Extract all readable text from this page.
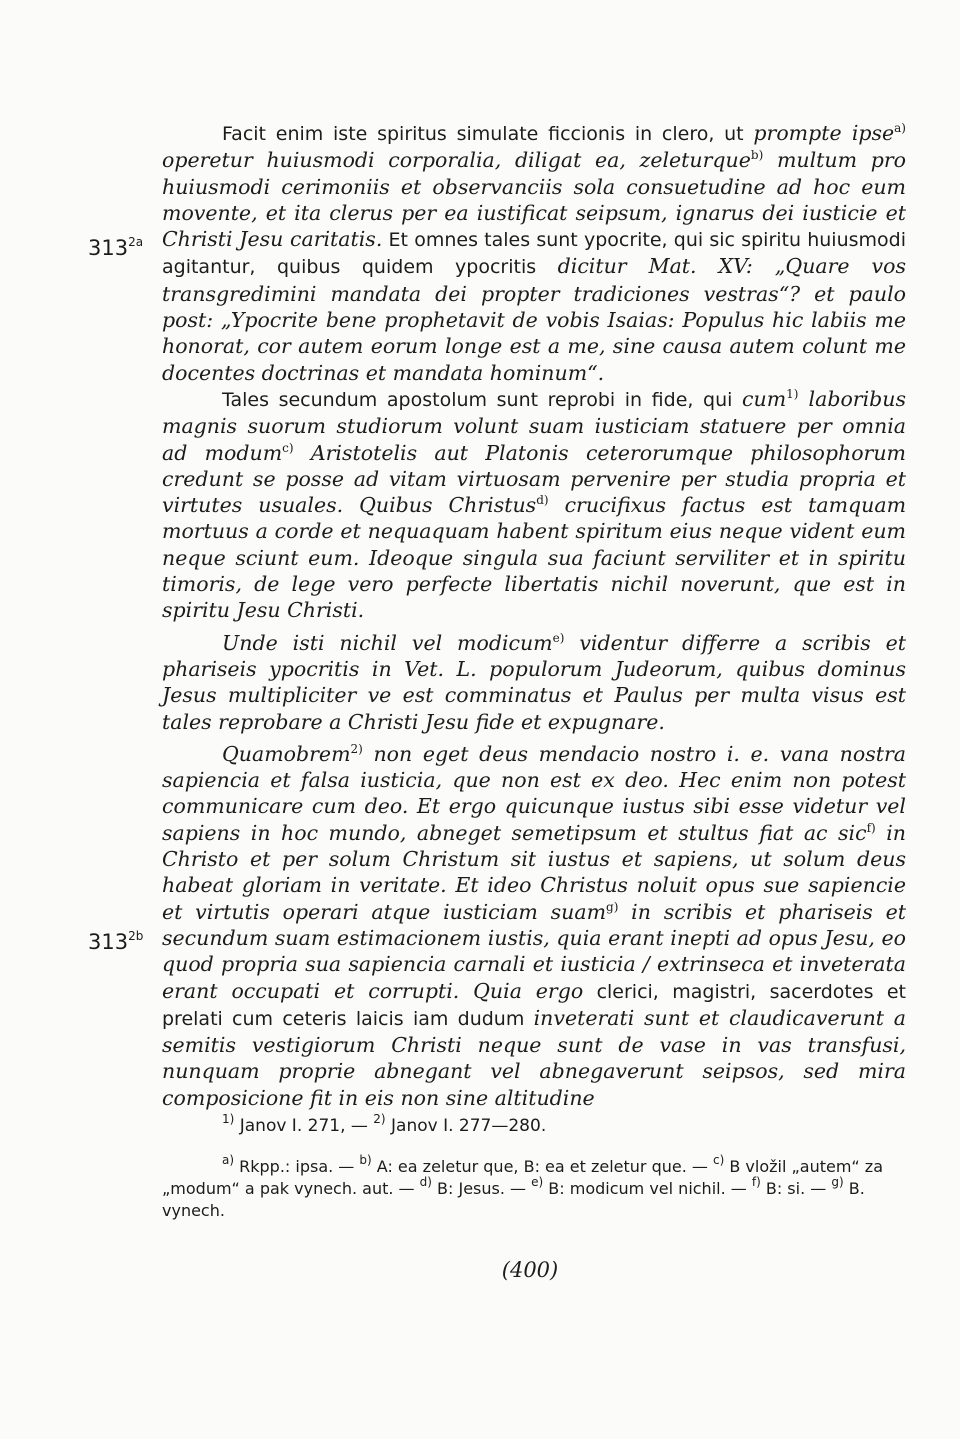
$313^{2a}$
$313^{2b}$

Facit enim iste spiritus simulate ficcionis in clero, ut prompte ipse$^{a)}$ operetur huiusmodi corporalia, diligat ea, zeleturque$^{b)}$ multum pro huiusmodi cerimoniis et observanciis sola consuetudine ad hoc eum movente, et ita clerus per ea iustificat seipsum, ignarus dei iusticie et Christi Jesu caritatis. Et omnes tales sunt ypocrite, qui sic spiritu huiusmodi agitantur, quibus quidem ypocritis dicitur Mat. XV: „Quare vos transgredimini mandata dei propter tradiciones vestras“? et paulo post: „Ypocrite bene prophetavit de vobis Isaias: Populus hic labiis me honorat, cor autem eorum longe est a me, sine causa autem colunt me docentes doctrinas et mandata hominum“.

Tales secundum apostolum sunt reprobi in fide, qui cum$^{1)}$ laboribus magnis suorum studiorum volunt suam iusticiam statuere per omnia ad modum$^{c)}$ Aristotelis aut Platonis ceterorumque philosophorum credunt se posse ad vitam virtuosam pervenire per studia propria et virtutes usuales. Quibus Christus$^{d)}$ crucifixus factus est tamquam mortuus a corde et nequaquam habent spiritum eius neque vident eum neque sciunt eum. Ideoque singula sua faciunt serviliter et in spiritu timoris, de lege vero perfecte libertatis nichil noverunt, que est in spiritu Jesu Christi.

Unde isti nichil vel modicum$^{e)}$ videntur differre a scribis et phariseis ypocritis in Vet. L. populorum Judeorum, quibus dominus Jesus multipliciter ve est comminatus et Paulus per multa visus est tales reprobare a Christi Jesu fide et expugnare.

Quamobrem$^{2)}$ non eget deus mendacio nostro i. e. vana nostra sapiencia et falsa iusticia, que non est ex deo. Hec enim non potest communicare cum deo. Et ergo quicunque iustus sibi esse videtur vel sapiens in hoc mundo, abneget semetipsum et stultus fiat ac sic$^{f)}$ in Christo et per solum Christum sit iustus et sapiens, ut solum deus habeat gloriam in veritate. Et ideo Christus noluit opus sue sapiencie et virtutis operari atque iusticiam suam$^{g)}$ in scribis et phariseis et secundum suam estimacionem iustis, quia erant inepti ad opus Jesu, eo quod propria sua sapiencia carnali et iusticia / extrinseca et inveterata erant occupati et corrupti. Quia ergo clerici, magistri, sacerdotes et prelati cum ceteris laicis iam dudum inveterati sunt et claudicaverunt a semitis vestigiorum Christi neque sunt de vase in vas transfusi, nunquam proprie abnegant vel abnegaverunt seipsos, sed mira composicione fit in eis non sine altitudine

$^{1)}$ Janov I. 271, — $^{2)}$ Janov I. 277—280.

$^{a)}$ Rkpp.: ipsa. — $^{b)}$ A: ea zeletur que, B: ea et zeletur que. — $^{c)}$ B vložil „autem“ za „modum“ a pak vynech. aut. — $^{d)}$ B: Jesus. — $^{e)}$ B: modicum vel nichil. — $^{f)}$ B: si. — $^{g)}$ B. vynech.

(400)
